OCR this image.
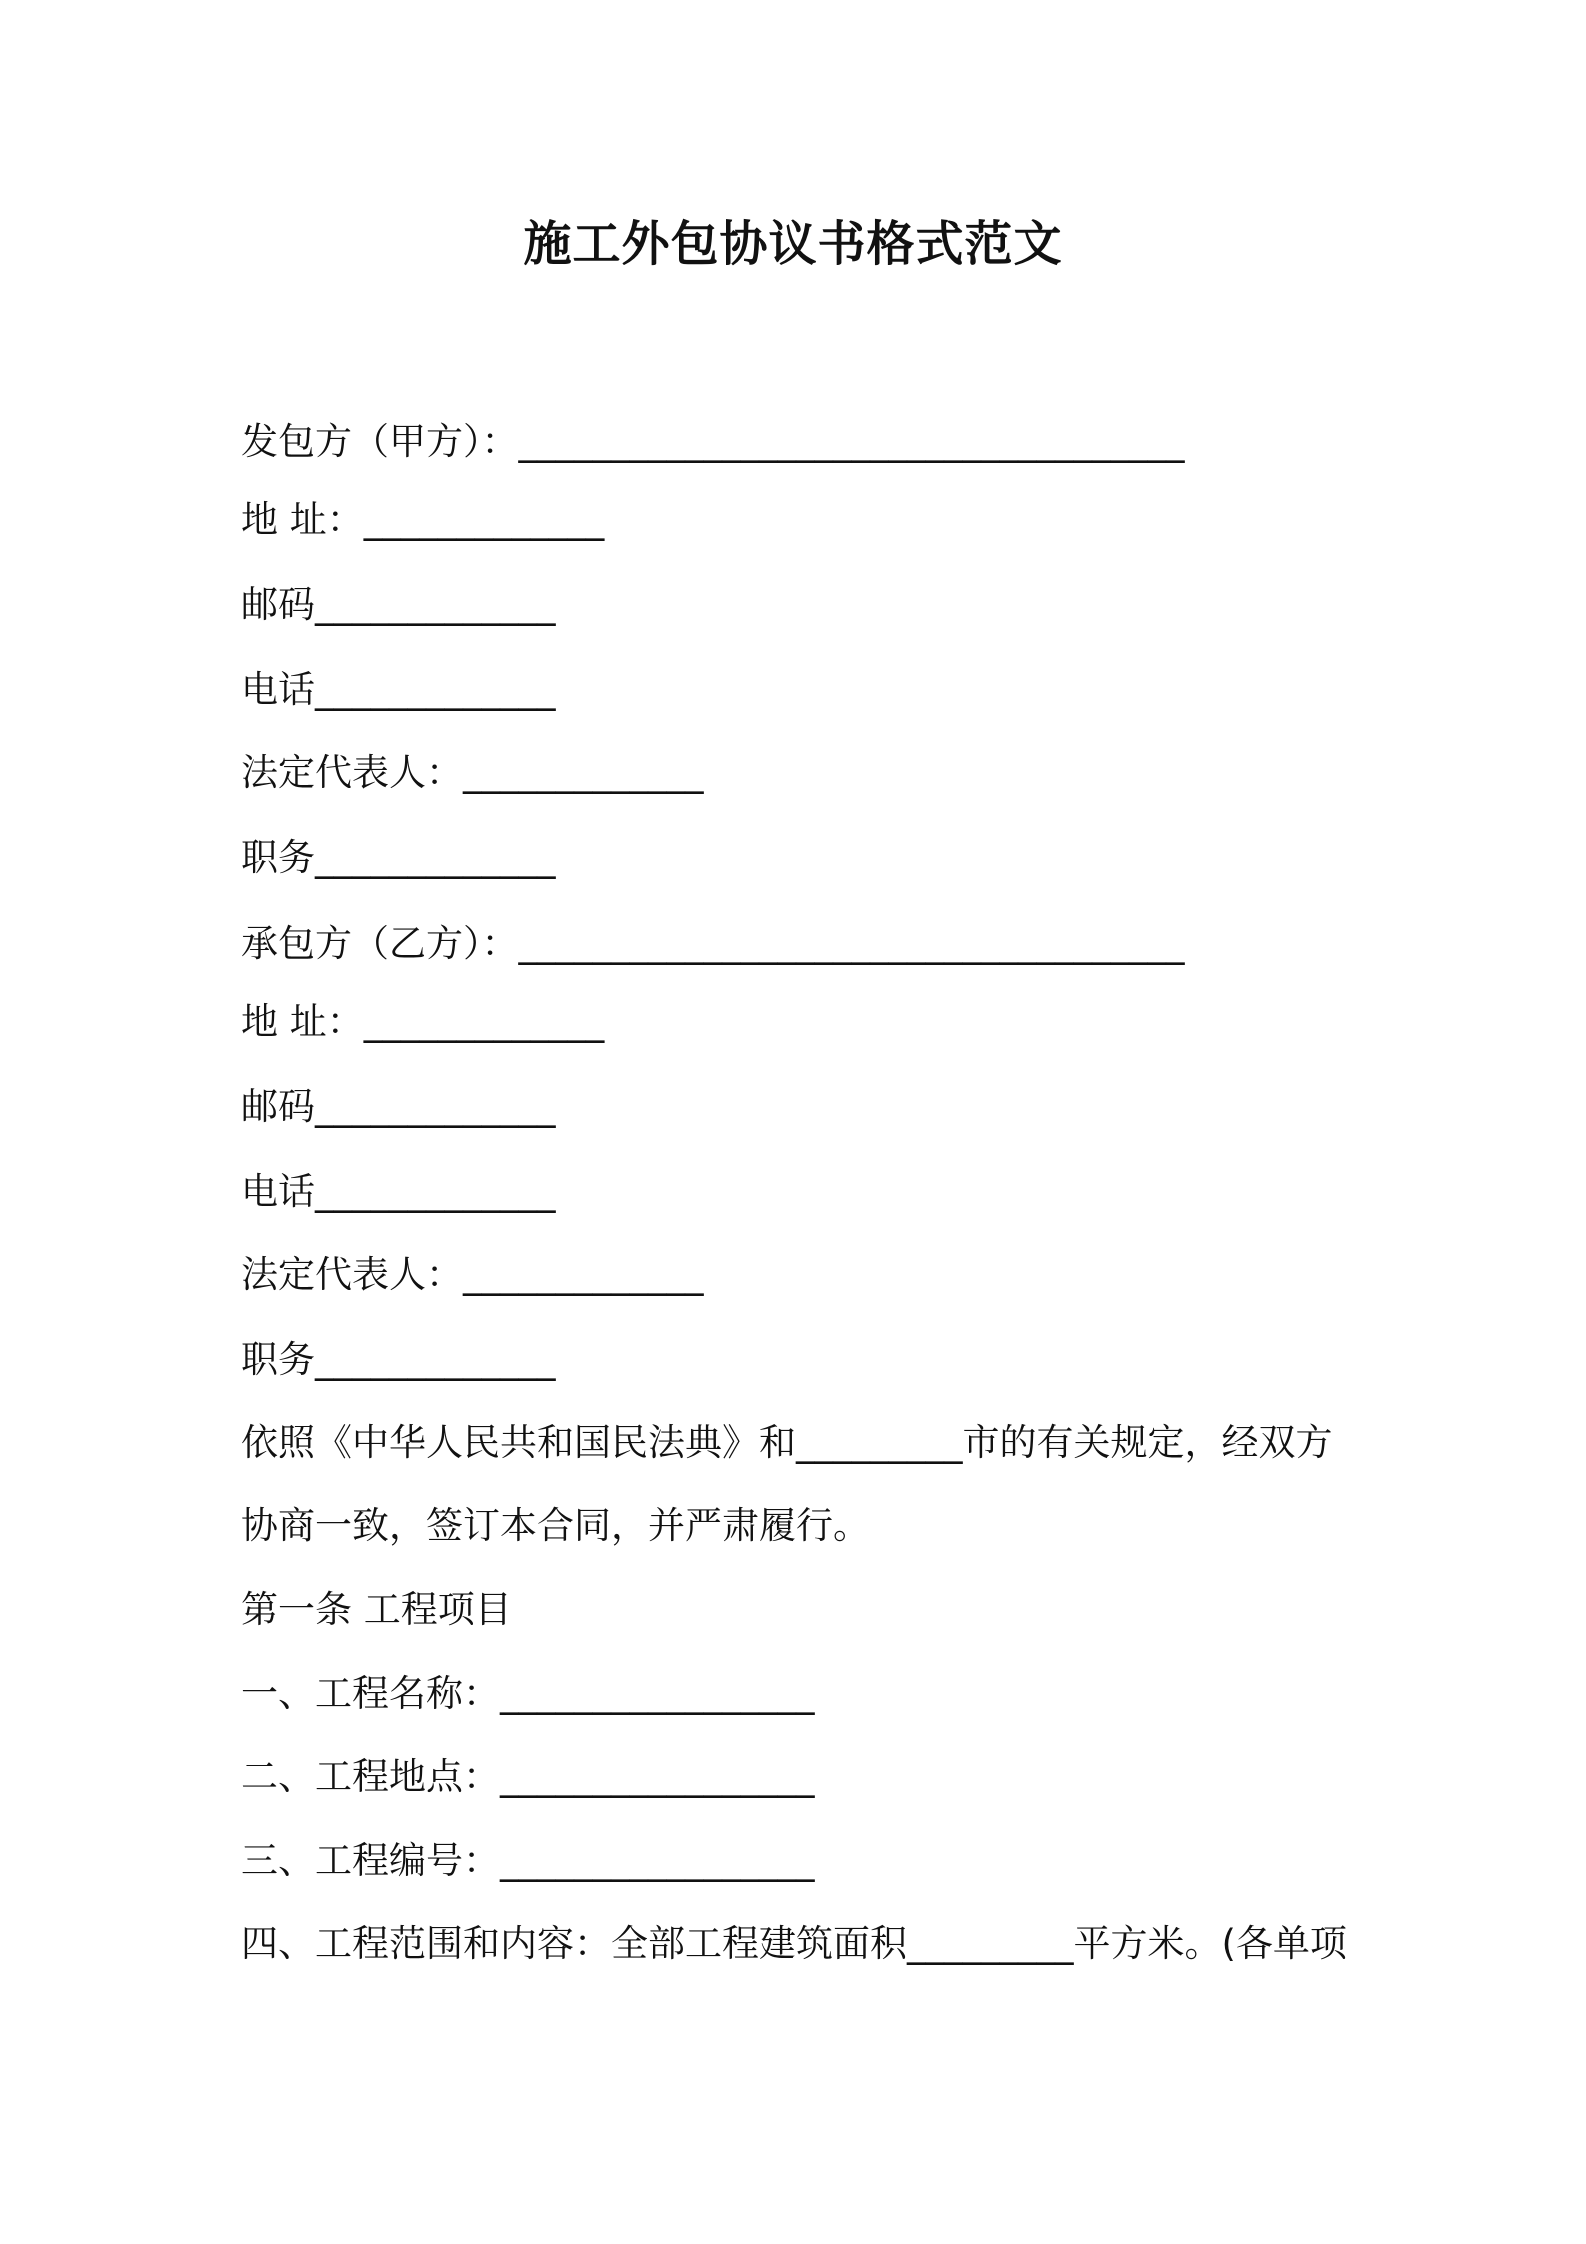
施工外包协议书格式范文
发包方（甲方）：____________________________________
地 址：_____________
邮码_____________
电话_____________
法定代表人：_____________
职务_____________
承包方（乙方）：____________________________________
地 址：_____________
邮码_____________
电话_____________
法定代表人：_____________
职务_____________
依照《中华人民共和国民法典》和_________市的有关规定，经双方
协商一致，签订本合同，并严肃履行。
第一条 工程项目
一、工程名称：_________________
二、工程地点：_________________
三、工程编号：_________________
四、工程范围和内容：全部工程建筑面积_________平方米。(各单项
